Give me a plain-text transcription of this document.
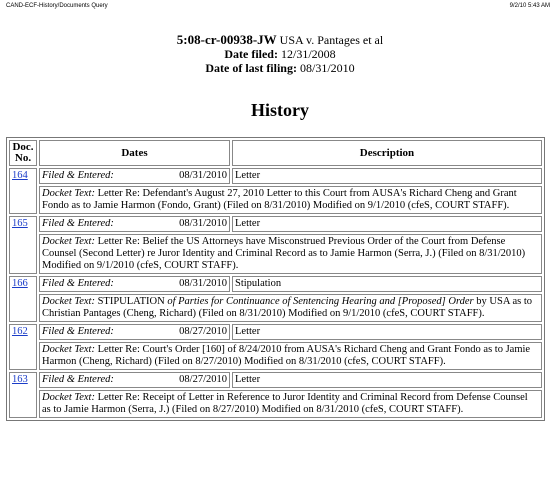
CAND-ECF-History/Documents Query	9/2/10 5:43 AM
5:08-cr-00938-JW USA v. Pantages et al
Date filed: 12/31/2008
Date of last filing: 08/31/2010
History
Doc.
No.	Dates	Description
164	Filed & Entered:	08/31/2010 Letter
	Docket Text: Letter Re: Defendant's August 27, 2010 Letter to this Court from AUSA's Richard Cheng and Grant Fondo as to Jamie Harmon (Fondo, Grant) (Filed on 8/31/2010) Modified on 9/1/2010 (cfeS, COURT STAFF).	
165	Filed & Entered:	08/31/2010 Letter
	Docket Text: Letter Re: Belief the US Attorneys have Misconstrued Previous Order of the Court from Defense Counsel (Second Letter) re Juror Identity and Criminal Record as to Jamie Harmon (Serra, J.) (Filed on 8/31/2010) Modified on 9/1/2010 (cfeS, COURT STAFF).	
166	Filed & Entered:	08/31/2010 Stipulation
	Docket Text: STIPULATION of Parties for Continuance of Sentencing Hearing and [Proposed] Order by USA as to Christian Pantages (Cheng, Richard) (Filed on 8/31/2010) Modified on 9/1/2010 (cfeS, COURT STAFF).	
162	Filed & Entered:	08/27/2010 Letter
	Docket Text: Letter Re: Court's Order [160] of 8/24/2010 from AUSA's Richard Cheng and Grant Fondo as to Jamie Harmon (Cheng, Richard) (Filed on 8/27/2010) Modified on 8/31/2010 (cfeS, COURT STAFF).	
163	Filed & Entered:	08/27/2010 Letter
	Docket Text: Letter Re: Receipt of Letter in Reference to Juror Identity and Criminal Record from Defense Counsel as to Jamie Harmon (Serra, J.) (Filed on 8/27/2010) Modified on 8/31/2010 (cfeS, COURT STAFF).	
